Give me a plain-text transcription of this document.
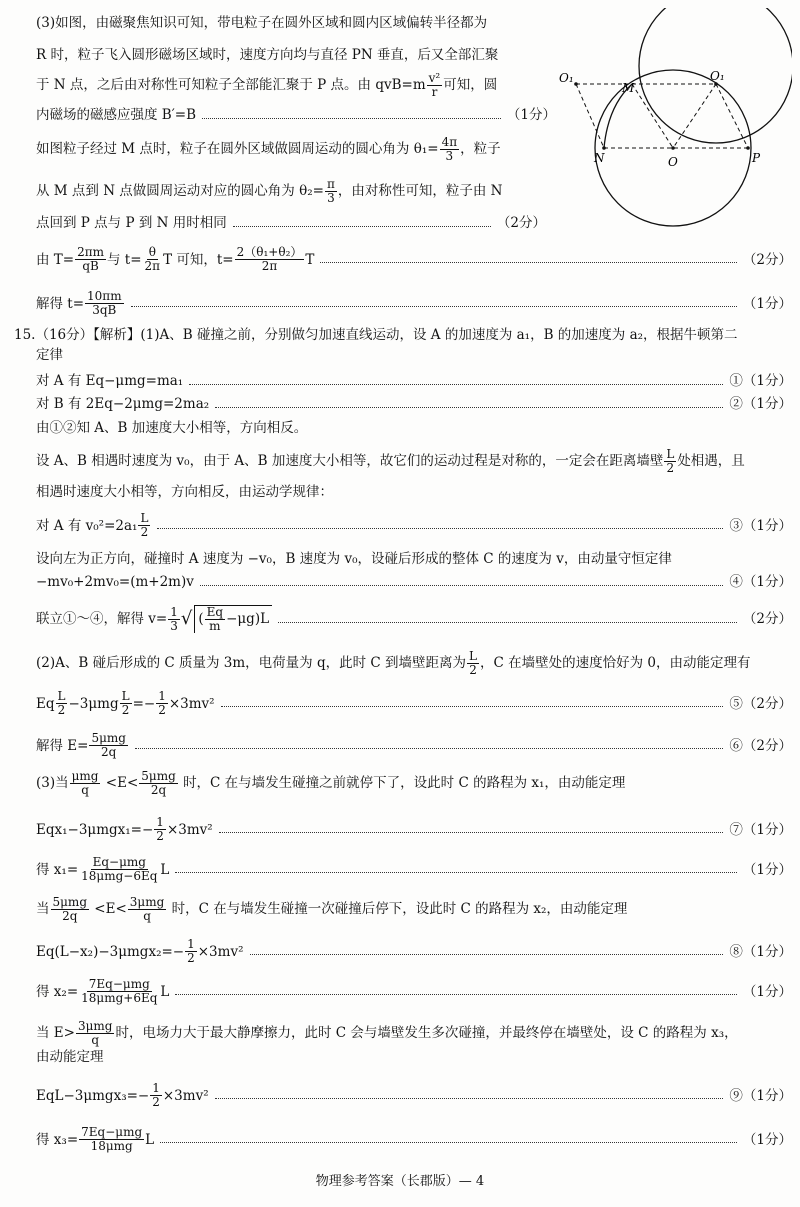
O₁
M
O₁
N	O	P
(3)如图，由磁聚焦知识可知，带电粒子在圆外区域和圆内区域偏转半径都为
R 时，粒子飞入圆形磁场区域时，速度方向均与直径 PN 垂直，后又全部汇聚
于 N 点，之后由对称性可知粒子全部能汇聚于 P 点。由 $qvB=m \frac{\text{v²}}{r}$ 可知，圆
内磁场的磁感应强度 B′=B	（1分）
如图粒子经过 M 点时，粒子在圆外区域做圆周运动的圆心角为 $\theta_1= \frac{4\pi}{3}$ ，粒子
从 M 点到 N 点做圆周运动对应的圆心角为 $\theta_2= \frac{\pi}{3}$ ，由对称性可知，粒子由 N
点回到 P 点与 P 到 N 用时相同	（2分）
由 $T= \frac{2\pi m}{qB}$ 与 $t= \frac{\theta}{2\pi}$ T 可知，$t= \frac{\text{2（θ₁+θ₂）}}{2\pi}$ T	（2分）
解得 $t= \frac{10\pi m}{3qB}$	（1分）
15.（16分）【解析】(1)A、B 碰撞之前，分别做匀加速直线运动，设 A 的加速度为 a₁，B 的加速度为 a₂，根据牛顿第二
定律
对 A 有 Eq−μmg=ma₁	①（1分）
对 B 有 2Eq−2μmg=2ma₂	②（1分）
由①②知 A、B 加速度大小相等，方向相反。
设 A、B 相遇时速度为 v₀，由于 A、B 加速度大小相等，故它们的运动过程是对称的，一定会在距离墙壁 $\frac{L}{2}$ 处相遇，且
相遇时速度大小相等，方向相反，由运动学规律：
对 A 有 $v_0^2=2a_1 \frac{L}{2}$	③（1分）
设向左为正方向，碰撞时 A 速度为 −v₀，B 速度为 v₀，设碰后形成的整体 C 的速度为 v，由动量守恒定律
−mv₀+2mv₀=(m+2m)v	④（1分）
联立①～④，解得 $v= \frac{1}{3}$ √ ( $\frac{Eq}{m} -\mu g)L$	（2分）
(2)A、B 碰后形成的 C 质量为 3m，电荷量为 q，此时 C 到墙壁距离为 $\frac{L}{2}$ ，C 在墙壁处的速度恰好为 0，由动能定理有
Eq $\frac{L}{2} -3\mu mg \frac{L}{2} =- \frac{1}{2} \times 3mv^2$	⑤（2分）
解得 $E= \frac{\text{5μmg}}{2q}$	⑥（2分）
(3)当 $\frac{\text{μmg}}{q} <E< \frac{\text{5μmg}}{2q}$ 时，C 在与墙发生碰撞之前就停下了，设此时 C 的路程为 x₁，由动能定理
$Eqx_1-3\mu mgx_1=- \frac{1}{2} \times 3mv^2$	⑦（1分）
得 $x_1= \frac{\text{Eq−μmg}}{\text{18μmg−6Eq}}$ L	（1分）
当 $\frac{\text{5μmg}}{2q} <E< \frac{\text{3μmg}}{q}$ 时，C 在与墙发生碰撞一次碰撞后停下，设此时 C 的路程为 x₂，由动能定理
$Eq(L-x_2)-3\mu mgx_2=- \frac{1}{2} \times 3mv^2$	⑧（1分）
得 $x_2= \frac{\text{7Eq−μmg}}{\text{18μmg+6Eq}}$ L	（1分）
当 $E> \frac{\text{3μmg}}{q}$ 时，电场力大于最大静摩擦力，此时 C 会与墙壁发生多次碰撞，并最终停在墙壁处，设 C 的路程为 x₃，
由动能定理
$EqL-3\mu mgx_3=- \frac{1}{2} \times 3mv^2$	⑨（1分）
得 $x_3= \frac{\text{7Eq−μmg}}{\text{18μmg}}$ L	（1分）
物理参考答案（长郡版）— 4
